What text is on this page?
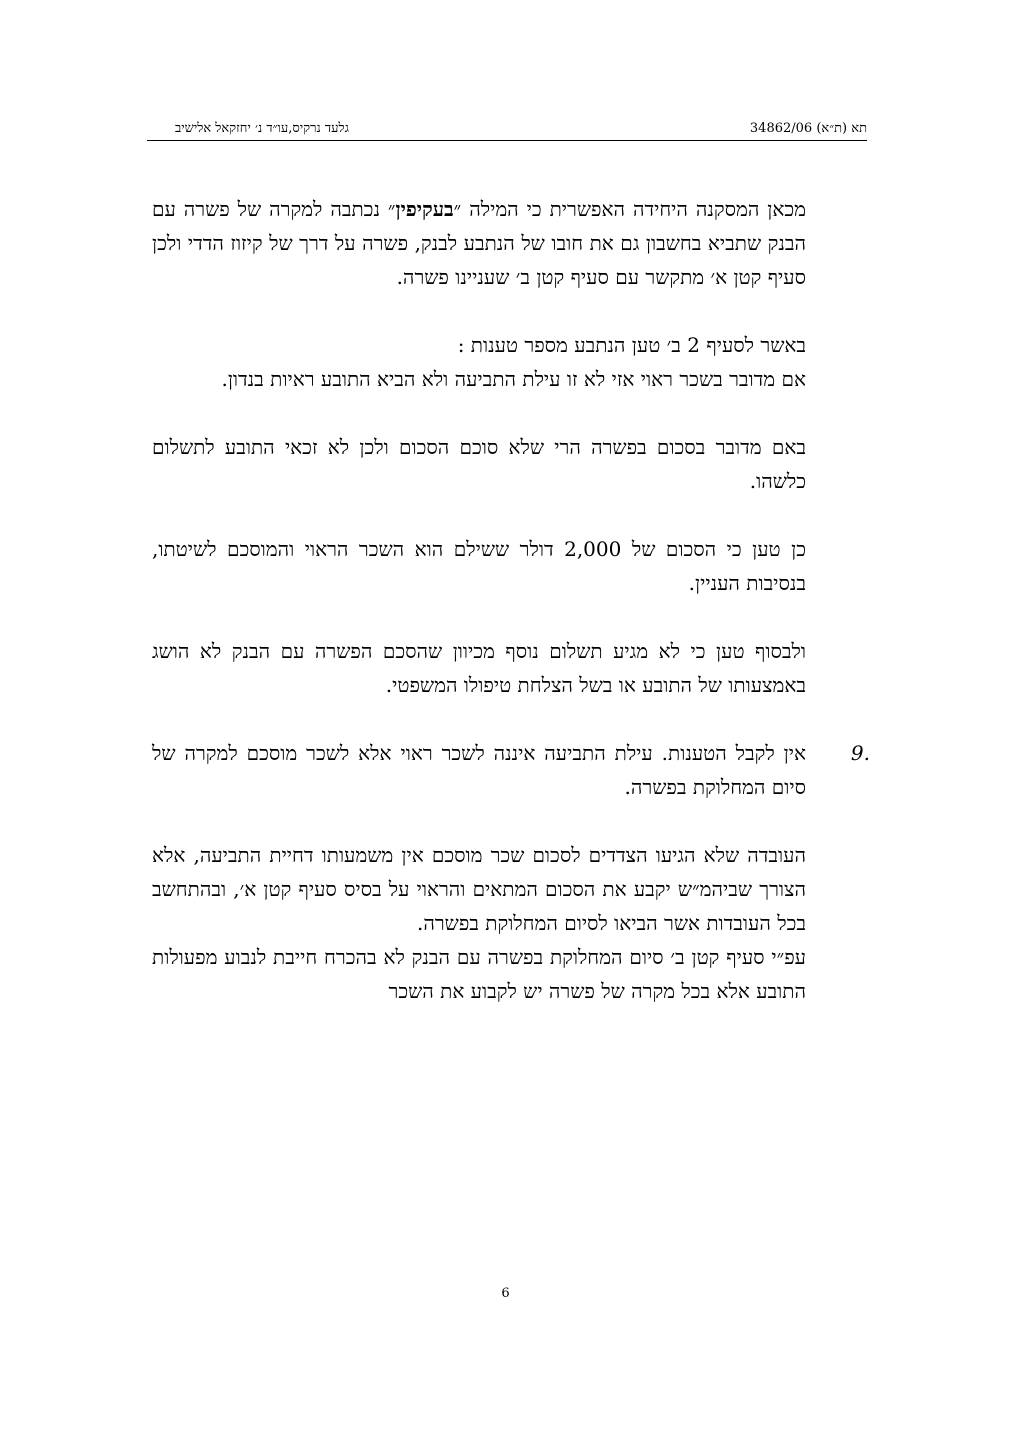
תא (ת״א) 34862/06
גלעד נרקיס,עו״ד נ׳ יחזקאל אלישיב

מכאן המסקנה היחידה האפשרית כי המילה ״בעקיפין״ נכתבה למקרה של פשרה עם הבנק שתביא בחשבון גם את חובו של הנתבע לבנק, פשרה על דרך של קיזוז הדדי ולכן סעיף קטן א׳ מתקשר עם סעיף קטן ב׳ שעניינו פשרה.

באשר לסעיף 2 ב׳ טען הנתבע מספר טענות :

אם מדובר בשכר ראוי אזי לא זו עילת התביעה ולא הביא התובע ראיות בנדון.

באם מדובר בסכום בפשרה הרי שלא סוכם הסכום ולכן לא זכאי התובע לתשלום כלשהו.

כן טען כי הסכום של 2,000 דולר ששילם הוא השכר הראוי והמוסכם לשיטתו, בנסיבות העניין.

ולבסוף טען כי לא מגיע תשלום נוסף מכיוון שהסכם הפשרה עם הבנק לא הושג באמצעותו של התובע או בשל הצלחת טיפולו המשפטי.

9.
אין לקבל הטענות. עילת התביעה איננה לשכר ראוי אלא לשכר מוסכם למקרה של סיום המחלוקת בפשרה.

העובדה שלא הגיעו הצדדים לסכום שכר מוסכם אין משמעותו דחיית התביעה, אלא הצורך שביהמ״ש יקבע את הסכום המתאים והראוי על בסיס סעיף קטן א׳, ובהתחשב בכל העובדות אשר הביאו לסיום המחלוקת בפשרה.

עפ״י סעיף קטן ב׳ סיום המחלוקת בפשרה עם הבנק לא בהכרח חייבת לנבוע מפעולות התובע אלא בכל מקרה של פשרה יש לקבוע את השכר

6
